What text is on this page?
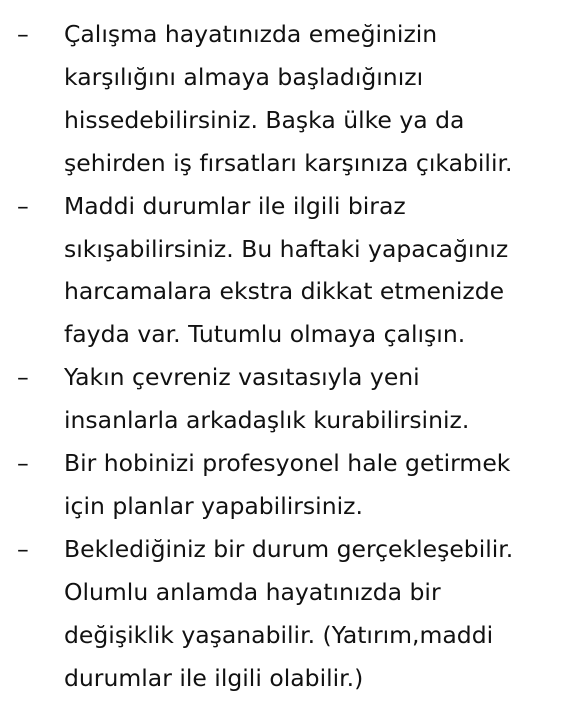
–	Çalışma hayatınızda emeğinizin
karşılığını almaya başladığınızı
hissedebilirsiniz. Başka ülke ya da
şehirden iş fırsatları karşınıza çıkabilir.
–	Maddi durumlar ile ilgili biraz
sıkışabilirsiniz. Bu haftaki yapacağınız
harcamalara ekstra dikkat etmenizde
fayda var. Tutumlu olmaya çalışın.
–	Yakın çevreniz vasıtasıyla yeni
insanlarla arkadaşlık kurabilirsiniz.
–	Bir hobinizi profesyonel hale getirmek
için planlar yapabilirsiniz.
–	Beklediğiniz bir durum gerçekleşebilir.
Olumlu anlamda hayatınızda bir
değişiklik yaşanabilir. (Yatırım,maddi
durumlar ile ilgili olabilir.)
